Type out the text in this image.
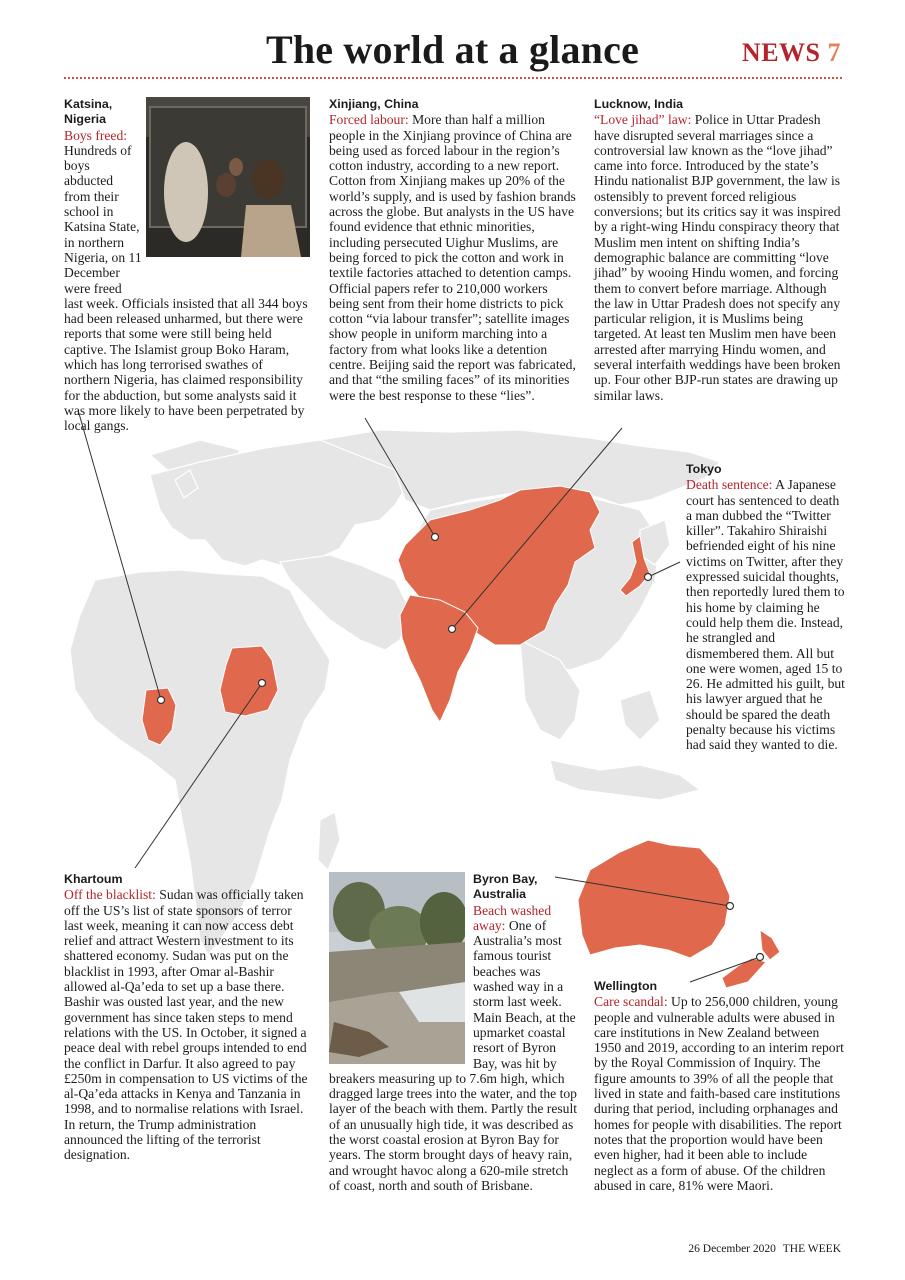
The world at a glance	NEWS 7
Katsina, Nigeria
Boys freed: Hundreds of boys abducted from their school in Katsina State, in northern Nigeria, on 11 December were freed last week. Officials insisted that all 344 boys had been released unharmed, but there were reports that some were still being held captive. The Islamist group Boko Haram, which has long terrorised swathes of northern Nigeria, has claimed responsibility for the abduction, but some analysts said it was more likely to have been perpetrated by local gangs.
Xinjiang, China
Forced labour: More than half a million people in the Xinjiang province of China are being used as forced labour in the region’s cotton industry, according to a new report. Cotton from Xinjiang makes up 20% of the world’s supply, and is used by fashion brands across the globe. But analysts in the US have found evidence that ethnic minorities, including persecuted Uighur Muslims, are being forced to pick the cotton and work in textile factories attached to detention camps. Official papers refer to 210,000 workers being sent from their home districts to pick cotton “via labour transfer”; satellite images show people in uniform marching into a factory from what looks like a detention centre. Beijing said the report was fabricated, and that “the smiling faces” of its minorities were the best response to these “lies”.
Lucknow, India
“Love jihad” law: Police in Uttar Pradesh have disrupted several marriages since a controversial law known as the “love jihad” came into force. Introduced by the state’s Hindu nationalist BJP government, the law is ostensibly to prevent forced religious conversions; but its critics say it was inspired by a right-wing Hindu conspiracy theory that Muslim men intent on shifting India’s demographic balance are committing “love jihad” by wooing Hindu women, and forcing them to convert before marriage. Although the law in Uttar Pradesh does not specify any particular religion, it is Muslims being targeted. At least ten Muslim men have been arrested after marrying Hindu women, and several interfaith weddings have been broken up. Four other BJP-run states are drawing up similar laws.
Tokyo
Death sentence: A Japanese court has sentenced to death a man dubbed the “Twitter killer”. Takahiro Shiraishi befriended eight of his nine victims on Twitter, after they expressed suicidal thoughts, then reportedly lured them to his home by claiming he could help them die. Instead, he strangled and dismembered them. All but one were women, aged 15 to 26. He admitted his guilt, but his lawyer argued that he should be spared the death penalty because his victims had said they wanted to die.
Khartoum
Off the blacklist: Sudan was officially taken off the US’s list of state sponsors of terror last week, meaning it can now access debt relief and attract Western investment to its shattered economy. Sudan was put on the blacklist in 1993, after Omar al-Bashir allowed al-Qa’eda to set up a base there. Bashir was ousted last year, and the new government has since taken steps to mend relations with the US. In October, it signed a peace deal with rebel groups intended to end the conflict in Darfur. It also agreed to pay £250m in compensation to US victims of the al-Qa’eda attacks in Kenya and Tanzania in 1998, and to normalise relations with Israel. In return, the Trump administration announced the lifting of the terrorist designation.
Byron Bay, Australia
Beach washed away: One of Australia’s most famous tourist beaches was washed way in a storm last week. Main Beach, at the upmarket coastal resort of Byron Bay, was hit by breakers measuring up to 7.6m high, which dragged large trees into the water, and the top layer of the beach with them. Partly the result of an unusually high tide, it was described as the worst coastal erosion at Byron Bay for years. The storm brought days of heavy rain, and wrought havoc along a 620-mile stretch of coast, north and south of Brisbane.
Wellington
Care scandal: Up to 256,000 children, young people and vulnerable adults were abused in care institutions in New Zealand between 1950 and 2019, according to an interim report by the Royal Commission of Inquiry. The figure amounts to 39% of all the people that lived in state and faith-based care institutions during that period, including orphanages and homes for people with disabilities. The report notes that the proportion would have been even higher, had it been able to include neglect as a form of abuse. Of the children abused in care, 81% were Maori.
26 December 2020 THE WEEK
